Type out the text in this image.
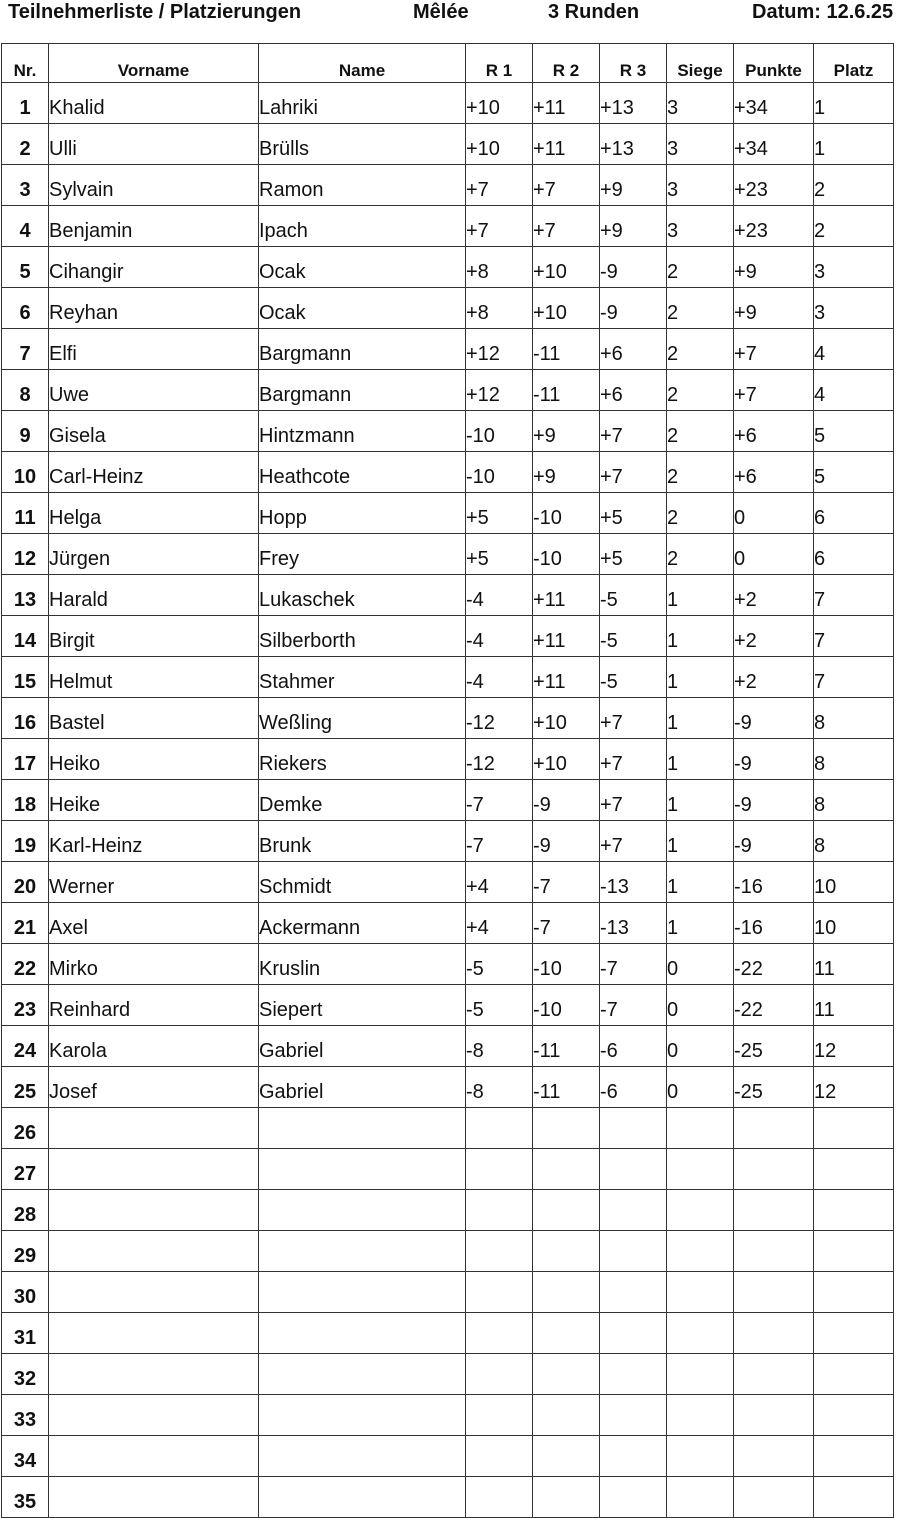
Teilnehmerliste / Platzierungen	Mêlée	3 Runden	Datum: 12.6.25
Nr.	Vorname	Name	R 1	R 2	R 3	Siege	Punkte	Platz
1	Khalid	Lahriki	+10	+11	+13	3	+34	1
2	Ulli	Brülls	+10	+11	+13	3	+34	1
3	Sylvain	Ramon	+7	+7	+9	3	+23	2
4	Benjamin	Ipach	+7	+7	+9	3	+23	2
5	Cihangir	Ocak	+8	+10	-9	2	+9	3
6	Reyhan	Ocak	+8	+10	-9	2	+9	3
7	Elfi	Bargmann	+12	-11	+6	2	+7	4
8	Uwe	Bargmann	+12	-11	+6	2	+7	4
9	Gisela	Hintzmann	-10	+9	+7	2	+6	5
10	Carl-Heinz	Heathcote	-10	+9	+7	2	+6	5
11	Helga	Hopp	+5	-10	+5	2	0	6
12	Jürgen	Frey	+5	-10	+5	2	0	6
13	Harald	Lukaschek	-4	+11	-5	1	+2	7
14	Birgit	Silberborth	-4	+11	-5	1	+2	7
15	Helmut	Stahmer	-4	+11	-5	1	+2	7
16	Bastel	Weßling	-12	+10	+7	1	-9	8
17	Heiko	Riekers	-12	+10	+7	1	-9	8
18	Heike	Demke	-7	-9	+7	1	-9	8
19	Karl-Heinz	Brunk	-7	-9	+7	1	-9	8
20	Werner	Schmidt	+4	-7	-13	1	-16	10
21	Axel	Ackermann	+4	-7	-13	1	-16	10
22	Mirko	Kruslin	-5	-10	-7	0	-22	11
23	Reinhard	Siepert	-5	-10	-7	0	-22	11
24	Karola	Gabriel	-8	-11	-6	0	-25	12
25	Josef	Gabriel	-8	-11	-6	0	-25	12
26								
27								
28								
29								
30								
31								
32								
33								
34								
35								
